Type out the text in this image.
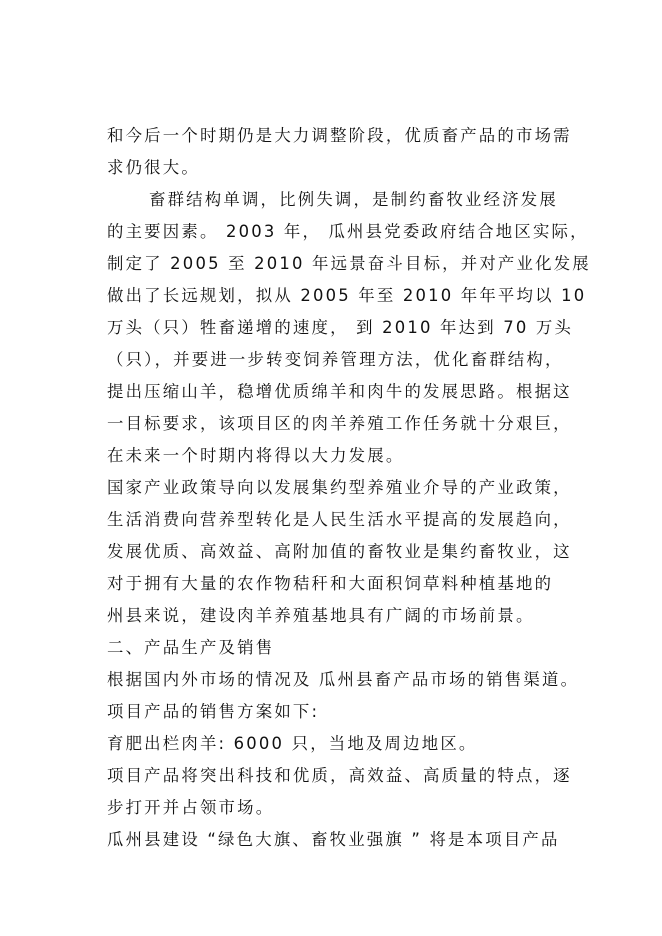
和今后一个时期仍是大力调整阶段，优质畜产品的市场需
求仍很大。
畜群结构单调，比例失调，是制约畜牧业经济发展
的主要因素。 2003 年， 瓜州县党委政府结合地区实际，
制定了 2005 至 2010 年远景奋斗目标，并对产业化发展
做出了长远规划，拟从 2005 年至 2010 年年平均以 10
万头（只）牲畜递增的速度， 到 2010 年达到 70 万头
（只），并要进一步转变饲养管理方法，优化畜群结构，
提出压缩山羊，稳增优质绵羊和肉牛的发展思路。根据这
一目标要求，该项目区的肉羊养殖工作任务就十分艰巨，
在未来一个时期内将得以大力发展。
国家产业政策导向以发展集约型养殖业介导的产业政策，
生活消费向营养型转化是人民生活水平提高的发展趋向，
发展优质、高效益、高附加值的畜牧业是集约畜牧业，这
对于拥有大量的农作物秸秆和大面积饲草料种植基地的
州县来说，建设肉羊养殖基地具有广阔的市场前景。
二、产品生产及销售
根据国内外市场的情况及 瓜州县畜产品市场的销售渠道。
项目产品的销售方案如下:
育肥出栏肉羊: 6000 只，当地及周边地区。
项目产品将突出科技和优质，高效益、高质量的特点，逐
步打开并占领市场。
瓜州县建设 “绿色大旗、畜牧业强旗 ” 将是本项目产品
